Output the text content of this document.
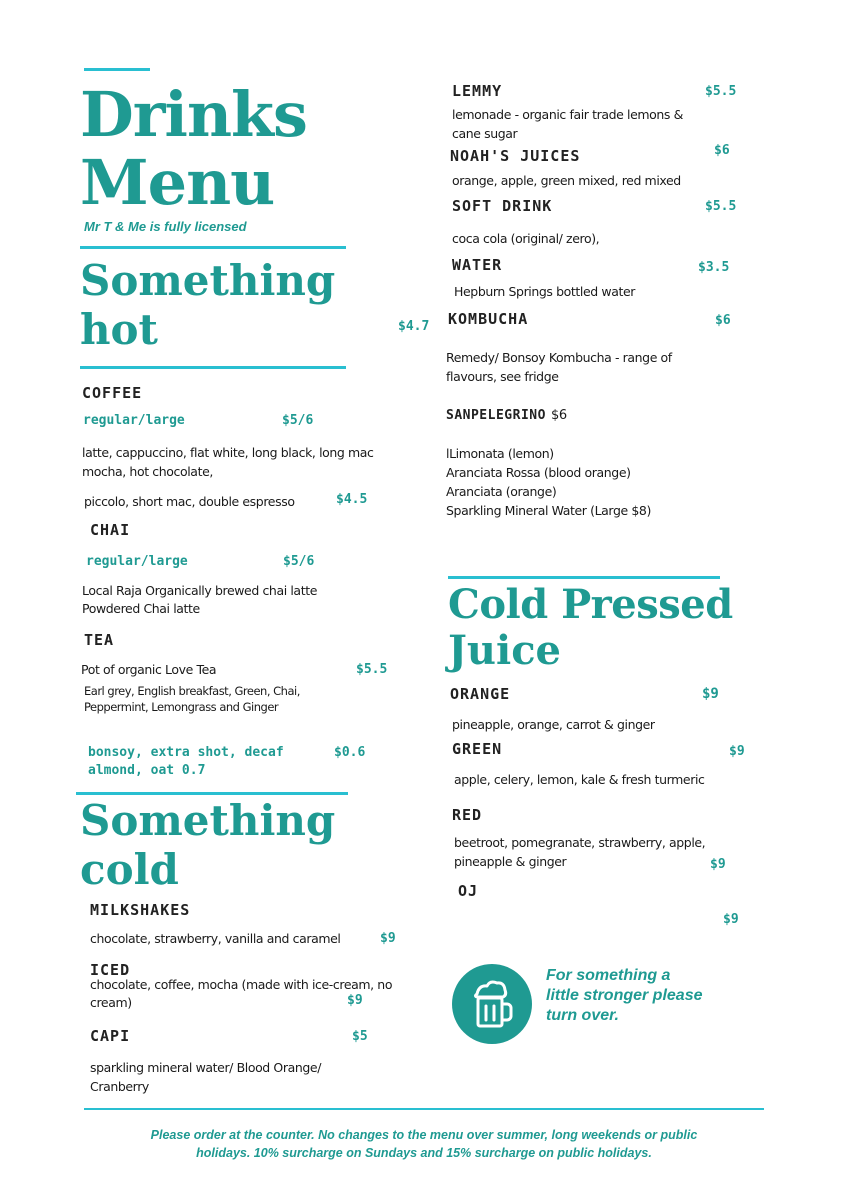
Drinks
Menu
Mr T & Me is fully licensed
Something
hot	$4.7
COFFEE
regular/large	$5/6
latte, cappuccino, flat white, long black, long mac
mocha, hot chocolate,
piccolo, short mac, double espresso	$4.5
CHAI
regular/large	$5/6
Local Raja Organically brewed chai latte
Powdered Chai latte
TEA
Pot of organic Love Tea	$5.5
Earl grey, English breakfast, Green, Chai,
Peppermint, Lemongrass and Ginger
bonsoy, extra shot, decaf	$0.6
almond, oat 0.7
Something
cold
MILKSHAKES
chocolate, strawberry, vanilla and caramel	$9
ICED
chocolate, coffee, mocha (made with ice-cream, no
cream)	$9
CAPI	$5
sparkling mineral water/ Blood Orange/
Cranberry
LEMMY	$5.5
lemonade - organic fair trade lemons &
cane sugar
NOAH'S JUICES	$6
orange, apple, green mixed, red mixed
SOFT DRINK	$5.5
coca cola (original/ zero),
WATER	$3.5
Hepburn Springs bottled water
KOMBUCHA	$6
Remedy/ Bonsoy Kombucha - range of
flavours, see fridge
SANPELEGRINO $6
lLimonata (lemon)
Aranciata Rossa (blood orange)
Aranciata (orange)
Sparkling Mineral Water (Large $8)
Cold Pressed
Juice
ORANGE	$9
pineapple, orange, carrot & ginger
GREEN	$9
apple, celery, lemon, kale & fresh turmeric
RED
beetroot, pomegranate, strawberry, apple,
pineapple & ginger	$9
OJ
$9
For something a
little stronger please
turn over.
Please order at the counter. No changes to the menu over summer, long weekends or public
holidays. 10% surcharge on Sundays and 15% surcharge on public holidays.
